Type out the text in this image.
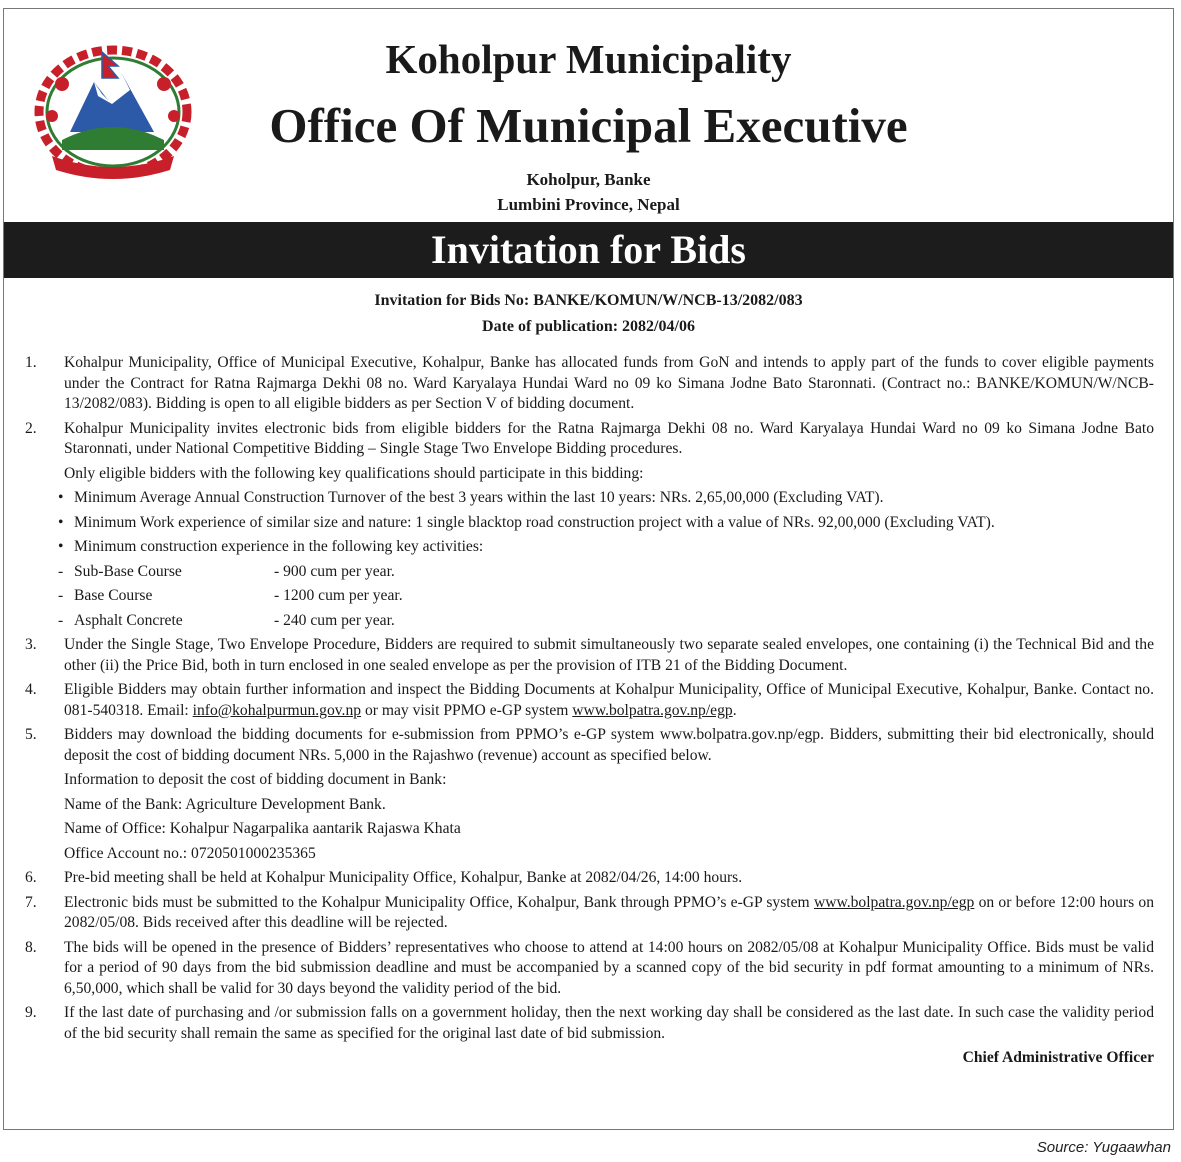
Koholpur Municipality
Office Of Municipal Executive
Koholpur, Banke
Lumbini Province, Nepal
Invitation for Bids
Invitation for Bids No: BANKE/KOMUN/W/NCB-13/2082/083
Date of publication: 2082/04/06
1. Kohalpur Municipality, Office of Municipal Executive, Kohalpur, Banke has allocated funds from GoN and intends to apply part of the funds to cover eligible payments under the Contract for Ratna Rajmarga Dekhi 08 no. Ward Karyalaya Hundai Ward no 09 ko Simana Jodne Bato Staronnati. (Contract no.: BANKE/KOMUN/W/NCB-13/2082/083). Bidding is open to all eligible bidders as per Section V of bidding document.
2. Kohalpur Municipality invites electronic bids from eligible bidders for the Ratna Rajmarga Dekhi 08 no. Ward Karyalaya Hundai Ward no 09 ko Simana Jodne Bato Staronnati, under National Competitive Bidding – Single Stage Two Envelope Bidding procedures.
Only eligible bidders with the following key qualifications should participate in this bidding:
• Minimum Average Annual Construction Turnover of the best 3 years within the last 10 years: NRs. 2,65,00,000 (Excluding VAT).
• Minimum Work experience of similar size and nature: 1 single blacktop road construction project with a value of NRs. 92,00,000 (Excluding VAT).
• Minimum construction experience in the following key activities:
- Sub-Base Course	- 900 cum per year.
- Base Course	- 1200 cum per year.
- Asphalt Concrete	- 240 cum per year.
3. Under the Single Stage, Two Envelope Procedure, Bidders are required to submit simultaneously two separate sealed envelopes, one containing (i) the Technical Bid and the other (ii) the Price Bid, both in turn enclosed in one sealed envelope as per the provision of ITB 21 of the Bidding Document.
4. Eligible Bidders may obtain further information and inspect the Bidding Documents at Kohalpur Municipality, Office of Municipal Executive, Kohalpur, Banke. Contact no. 081-540318. Email: info@kohalpurmun.gov.np or may visit PPMO e-GP system www.bolpatra.gov.np/egp.
5. Bidders may download the bidding documents for e-submission from PPMO’s e-GP system www.bolpatra.gov.np/egp. Bidders, submitting their bid electronically, should deposit the cost of bidding document NRs. 5,000 in the Rajashwo (revenue) account as specified below.
Information to deposit the cost of bidding document in Bank:
Name of the Bank: Agriculture Development Bank.
Name of Office: Kohalpur Nagarpalika aantarik Rajaswa Khata
Office Account no.: 0720501000235365
6. Pre-bid meeting shall be held at Kohalpur Municipality Office, Kohalpur, Banke at 2082/04/26, 14:00 hours.
7. Electronic bids must be submitted to the Kohalpur Municipality Office, Kohalpur, Bank through PPMO’s e-GP system www.bolpatra.gov.np/egp on or before 12:00 hours on 2082/05/08. Bids received after this deadline will be rejected.
8. The bids will be opened in the presence of Bidders’ representatives who choose to attend at 14:00 hours on 2082/05/08 at Kohalpur Municipality Office. Bids must be valid for a period of 90 days from the bid submission deadline and must be accompanied by a scanned copy of the bid security in pdf format amounting to a minimum of NRs. 6,50,000, which shall be valid for 30 days beyond the validity period of the bid.
9. If the last date of purchasing and /or submission falls on a government holiday, then the next working day shall be considered as the last date. In such case the validity period of the bid security shall remain the same as specified for the original last date of bid submission.
Chief Administrative Officer
Source: Yugaawhan
